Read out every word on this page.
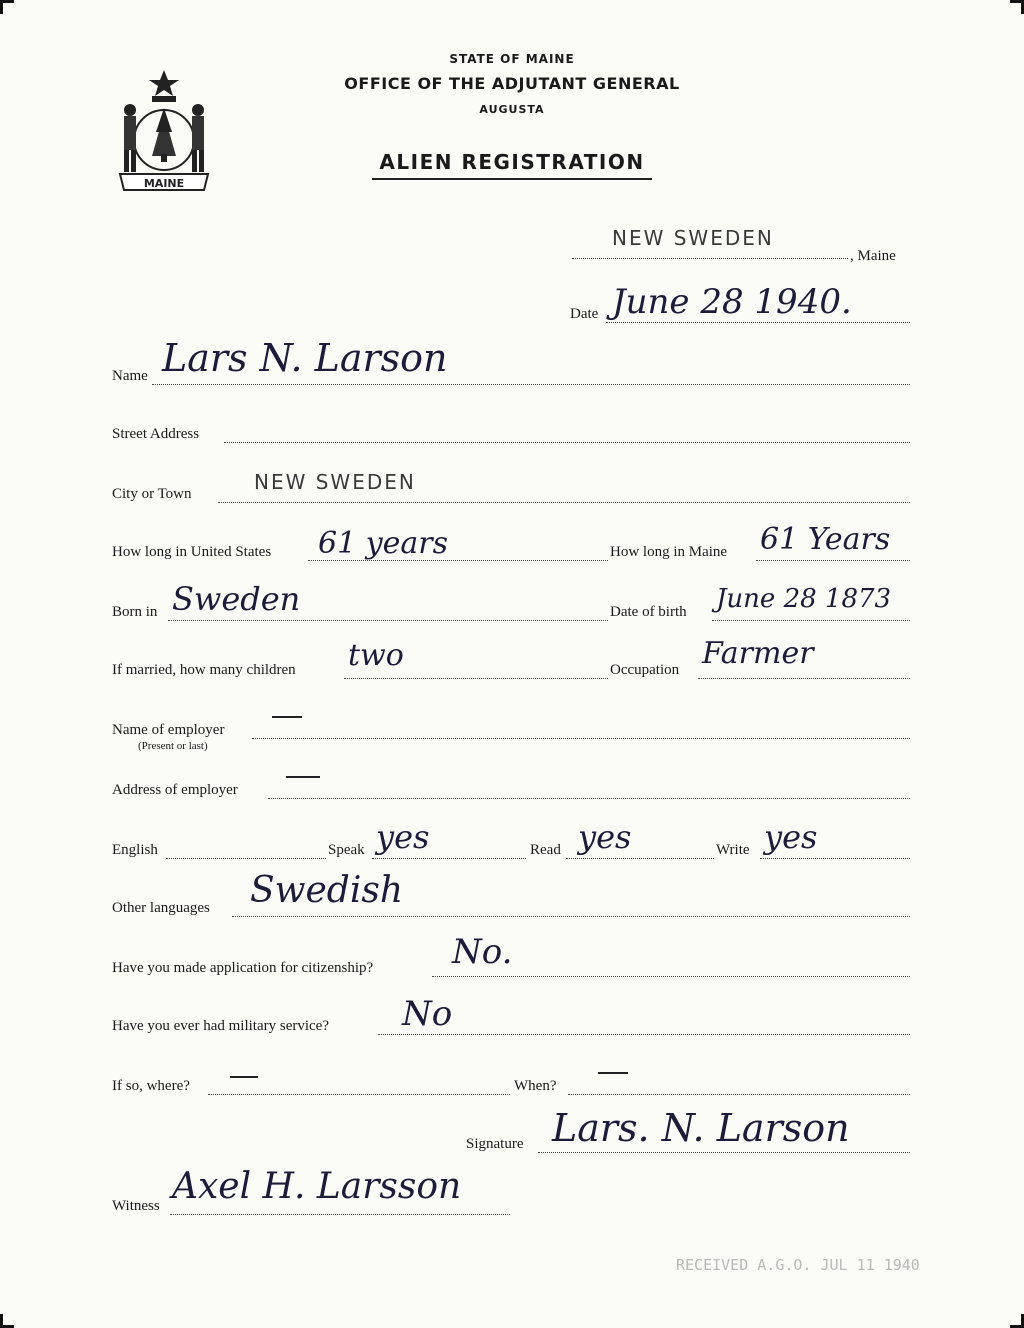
MAINE
STATE OF MAINE
OFFICE OF THE ADJUTANT GENERAL
AUGUSTA
ALIEN REGISTRATION
NEW SWEDEN
, Maine
Date June 28 1940.
Name Lars N. Larson
Street Address
City or Town	NEW SWEDEN
How long in United States 61 years	How long in Maine 61 Years
Born in Sweden	Date of birth June 28 1873
If married, how many children two	Occupation Farmer
Name of employer
(Present or last)
Address of employer
English	Speak yes	Read yes	Write yes
Other languages Swedish
Have you made application for citizenship? No.
Have you ever had military service? No
If so, where?	When?
Signature Lars. N. Larson
Witness Axel H. Larsson
RECEIVED A.G.O. JUL 11 1940
